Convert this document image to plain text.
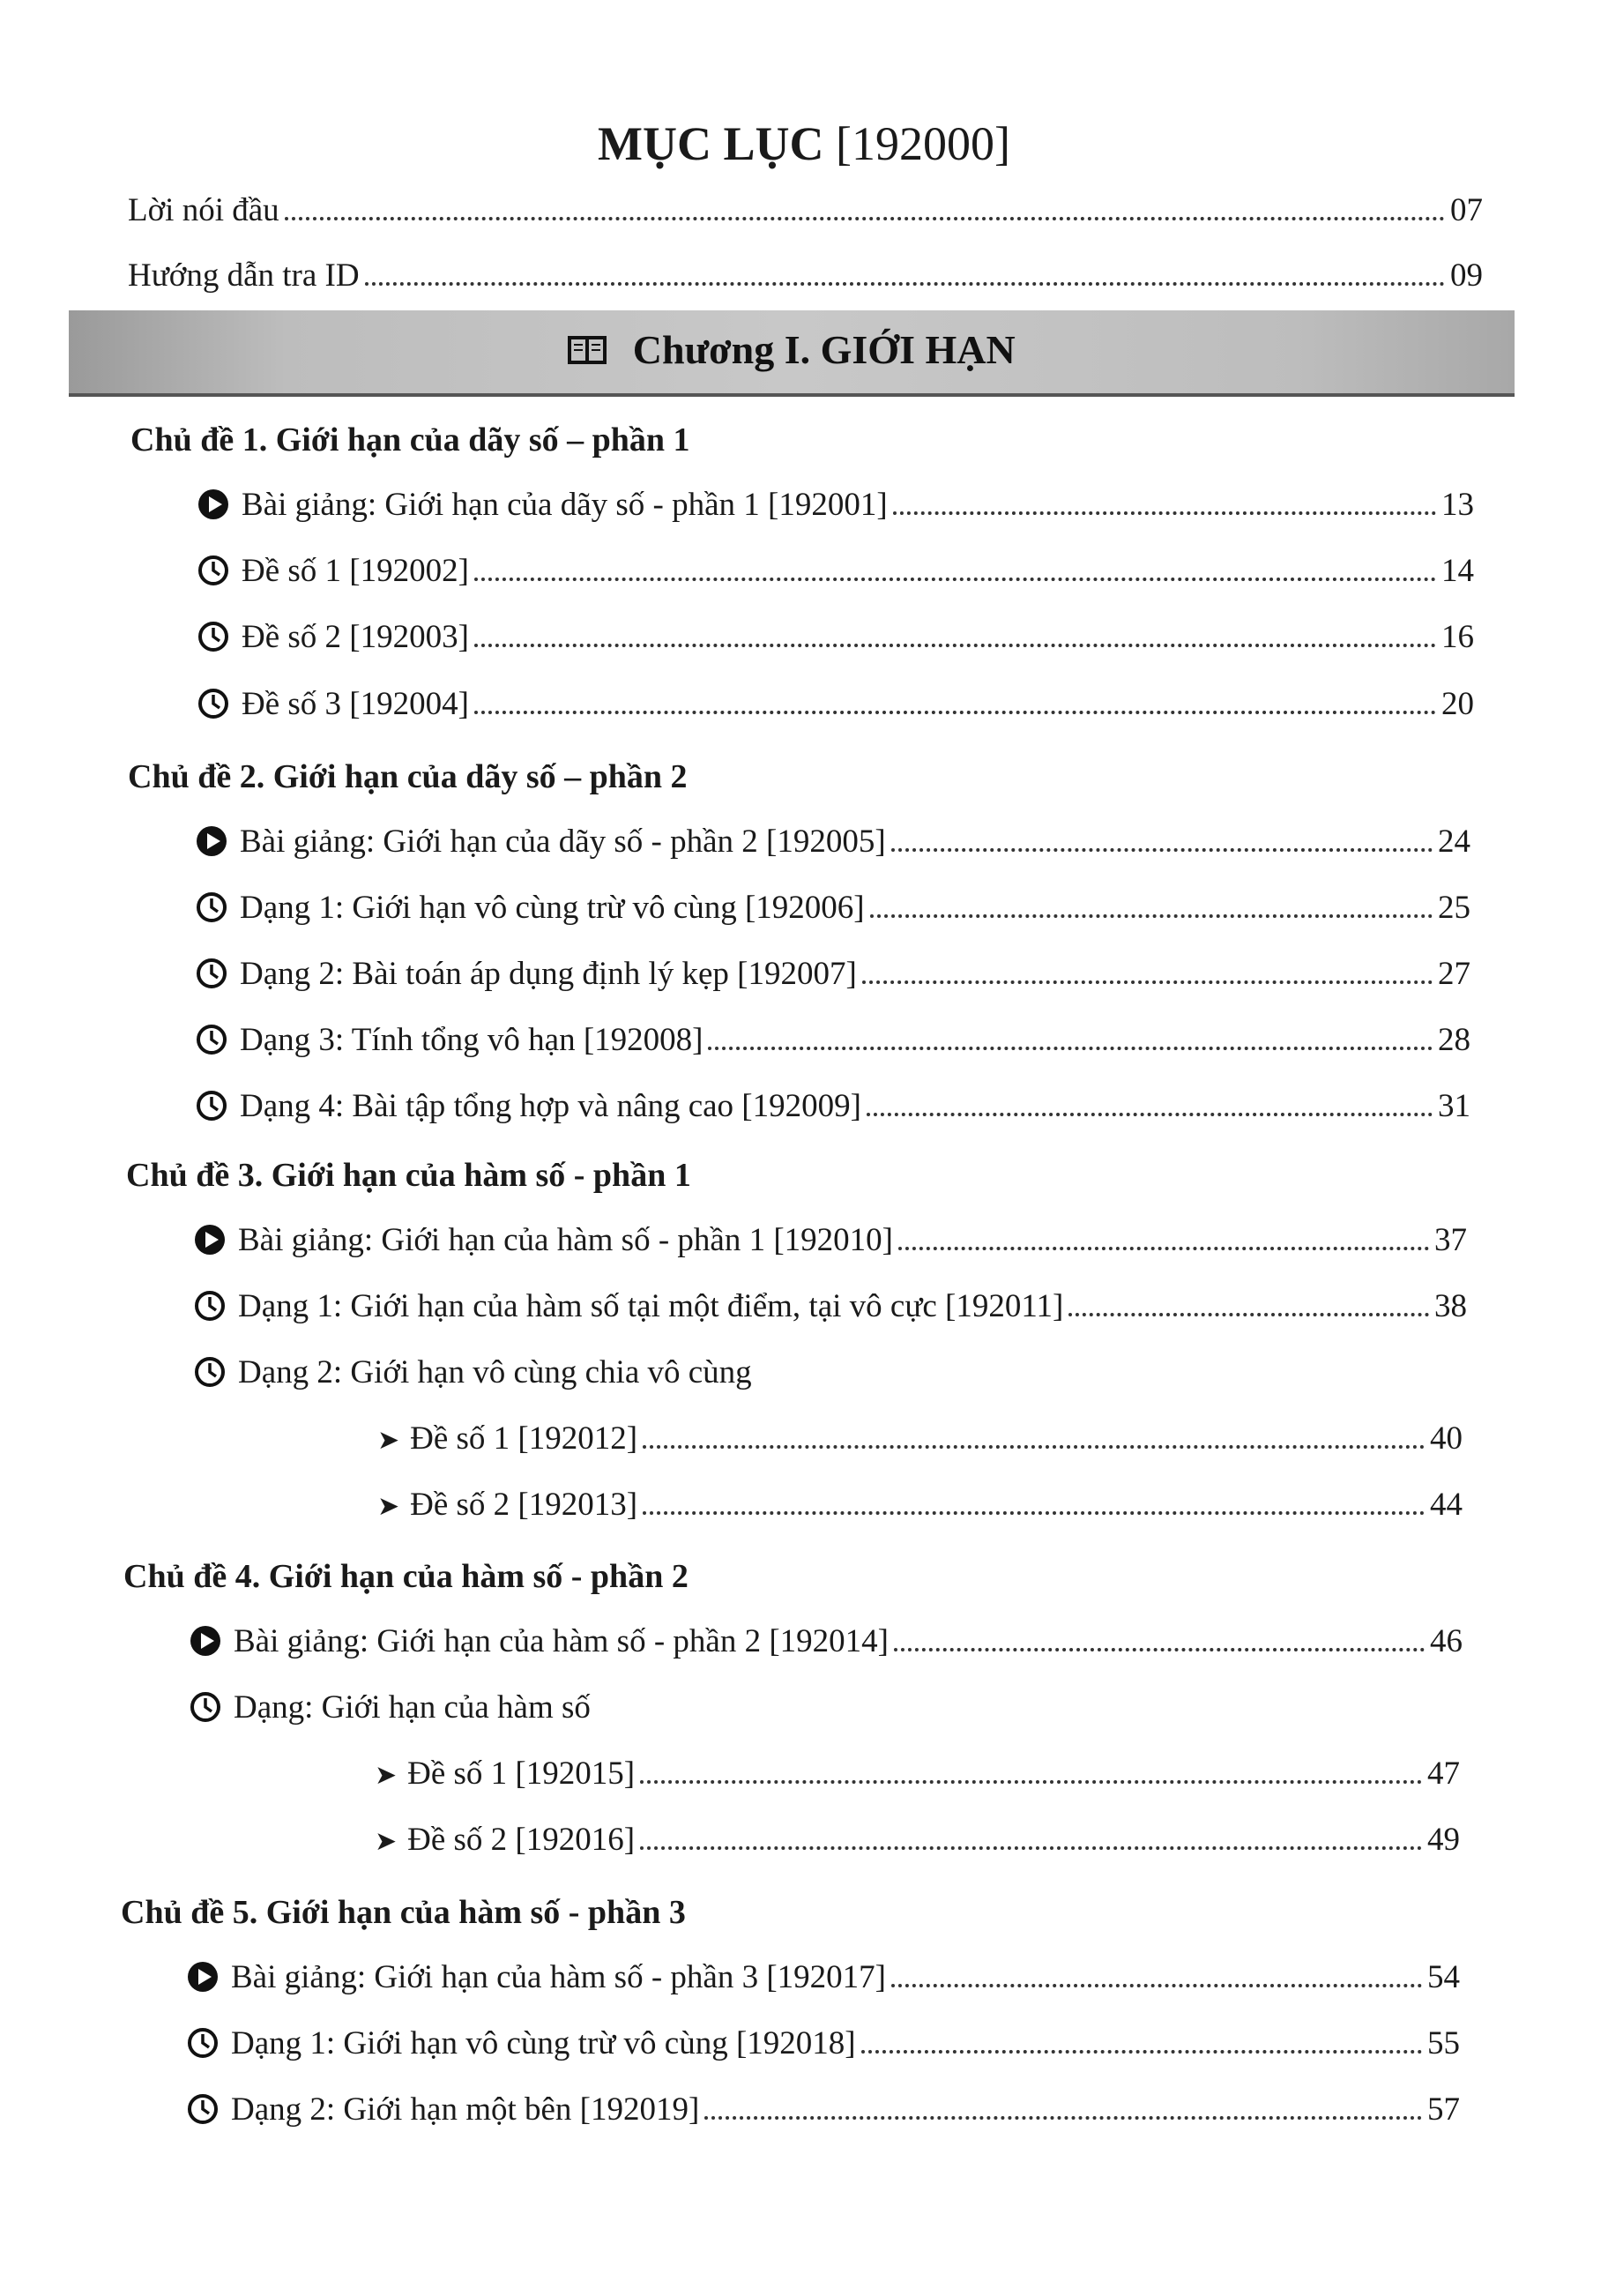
MỤC LỤC [192000]
Lời nói đầu	07
Hướng dẫn tra ID	09
Chương I. GIỚI HẠN
Chủ đề 1. Giới hạn của dãy số – phần 1
Bài giảng: Giới hạn của dãy số - phần 1 [192001]	13
Đề số 1 [192002]	14
Đề số 2 [192003]	16
Đề số 3 [192004]	20
Chủ đề 2. Giới hạn của dãy số – phần 2
Bài giảng: Giới hạn của dãy số - phần 2 [192005]	24
Dạng 1: Giới hạn vô cùng trừ vô cùng [192006]	25
Dạng 2: Bài toán áp dụng định lý kẹp [192007]	27
Dạng 3: Tính tổng vô hạn [192008]	28
Dạng 4: Bài tập tổng hợp và nâng cao [192009]	31
Chủ đề 3. Giới hạn của hàm số - phần 1
Bài giảng: Giới hạn của hàm số - phần 1 [192010]	37
Dạng 1: Giới hạn của hàm số tại một điểm, tại vô cực [192011]	38
Dạng 2: Giới hạn vô cùng chia vô cùng
➤ Đề số 1 [192012]	40
➤ Đề số 2 [192013]	44
Chủ đề 4. Giới hạn của hàm số - phần 2
Bài giảng: Giới hạn của hàm số - phần 2 [192014]	46
Dạng: Giới hạn của hàm số
➤ Đề số 1 [192015]	47
➤ Đề số 2 [192016]	49
Chủ đề 5. Giới hạn của hàm số - phần 3
Bài giảng: Giới hạn của hàm số - phần 3 [192017]	54
Dạng 1: Giới hạn vô cùng trừ vô cùng [192018]	55
Dạng 2: Giới hạn một bên [192019]	57
